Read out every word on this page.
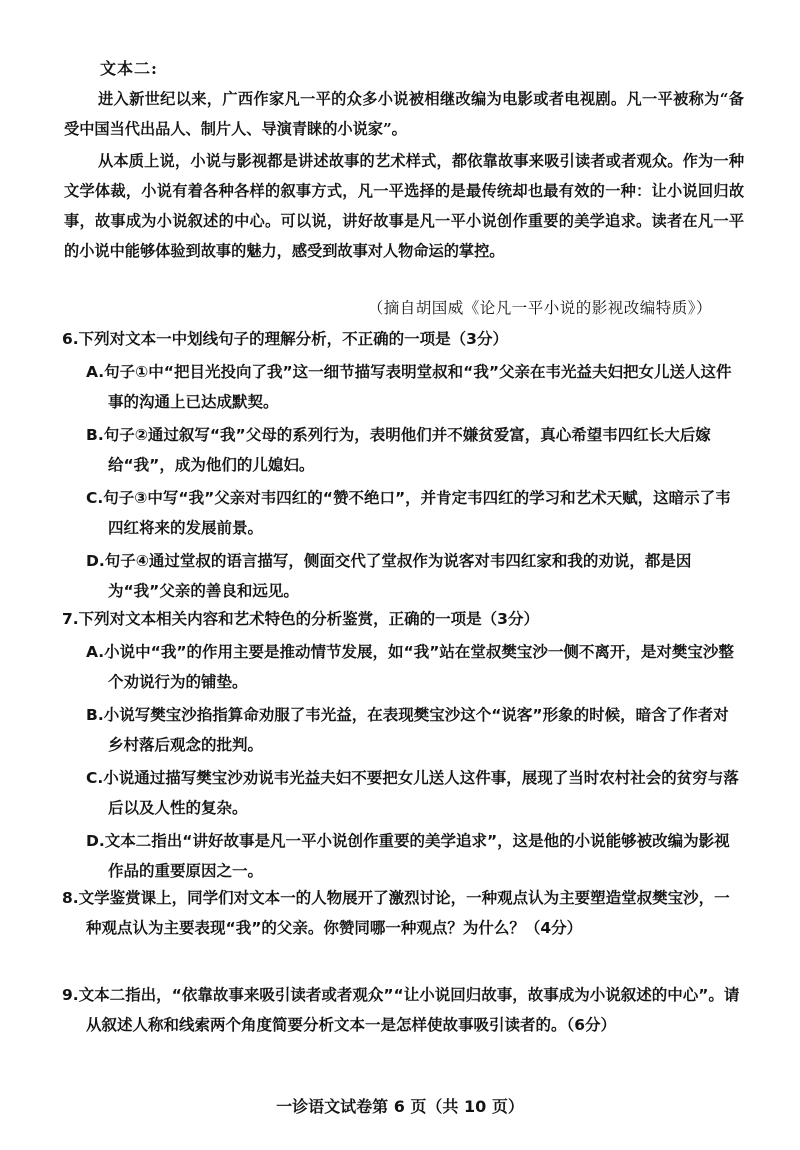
文本二:
进入新世纪以来，广西作家凡一平的众多小说被相继改编为电影或者电视剧。凡一平被称为“备受中国当代出品人、制片人、导演青睐的小说家”。
从本质上说，小说与影视都是讲述故事的艺术样式，都依靠故事来吸引读者或者观众。作为一种文学体裁，小说有着各种各样的叙事方式，凡一平选择的是最传统却也最有效的一种：让小说回归故事，故事成为小说叙述的中心。可以说，讲好故事是凡一平小说创作重要的美学追求。读者在凡一平的小说中能够体验到故事的魅力，感受到故事对人物命运的掌控。
（摘自胡国威《论凡一平小说的影视改编特质》）
6.下列对文本一中划线句子的理解分析，不正确的一项是（3分）
A.句子①中“把目光投向了我”这一细节描写表明堂叔和“我”父亲在韦光益夫妇把女儿送人这件事的沟通上已达成默契。
B.句子②通过叙写“我”父母的系列行为，表明他们并不嫌贫爱富，真心希望韦四红长大后嫁给“我”，成为他们的儿媳妇。
C.句子③中写“我”父亲对韦四红的“赞不绝口”，并肯定韦四红的学习和艺术天赋，这暗示了韦四红将来的发展前景。
D.句子④通过堂叔的语言描写，侧面交代了堂叔作为说客对韦四红家和我的劝说，都是因为“我”父亲的善良和远见。
7.下列对文本相关内容和艺术特色的分析鉴赏，正确的一项是（3分）
A.小说中“我”的作用主要是推动情节发展，如“我”站在堂叔樊宝沙一侧不离开，是对樊宝沙整个劝说行为的铺垫。
B.小说写樊宝沙掐指算命劝服了韦光益，在表现樊宝沙这个“说客”形象的时候，暗含了作者对乡村落后观念的批判。
C.小说通过描写樊宝沙劝说韦光益夫妇不要把女儿送人这件事，展现了当时农村社会的贫穷与落后以及人性的复杂。
D.文本二指出“讲好故事是凡一平小说创作重要的美学追求”，这是他的小说能够被改编为影视作品的重要原因之一。
8.文学鉴赏课上，同学们对文本一的人物展开了激烈讨论，一种观点认为主要塑造堂叔樊宝沙，一种观点认为主要表现“我”的父亲。你赞同哪一种观点？为什么？（4分）
9.文本二指出，“依靠故事来吸引读者或者观众”“让小说回归故事，故事成为小说叙述的中心”。请从叙述人称和线索两个角度简要分析文本一是怎样使故事吸引读者的。（6分）
一诊语文试卷第 6 页（共 10 页）
